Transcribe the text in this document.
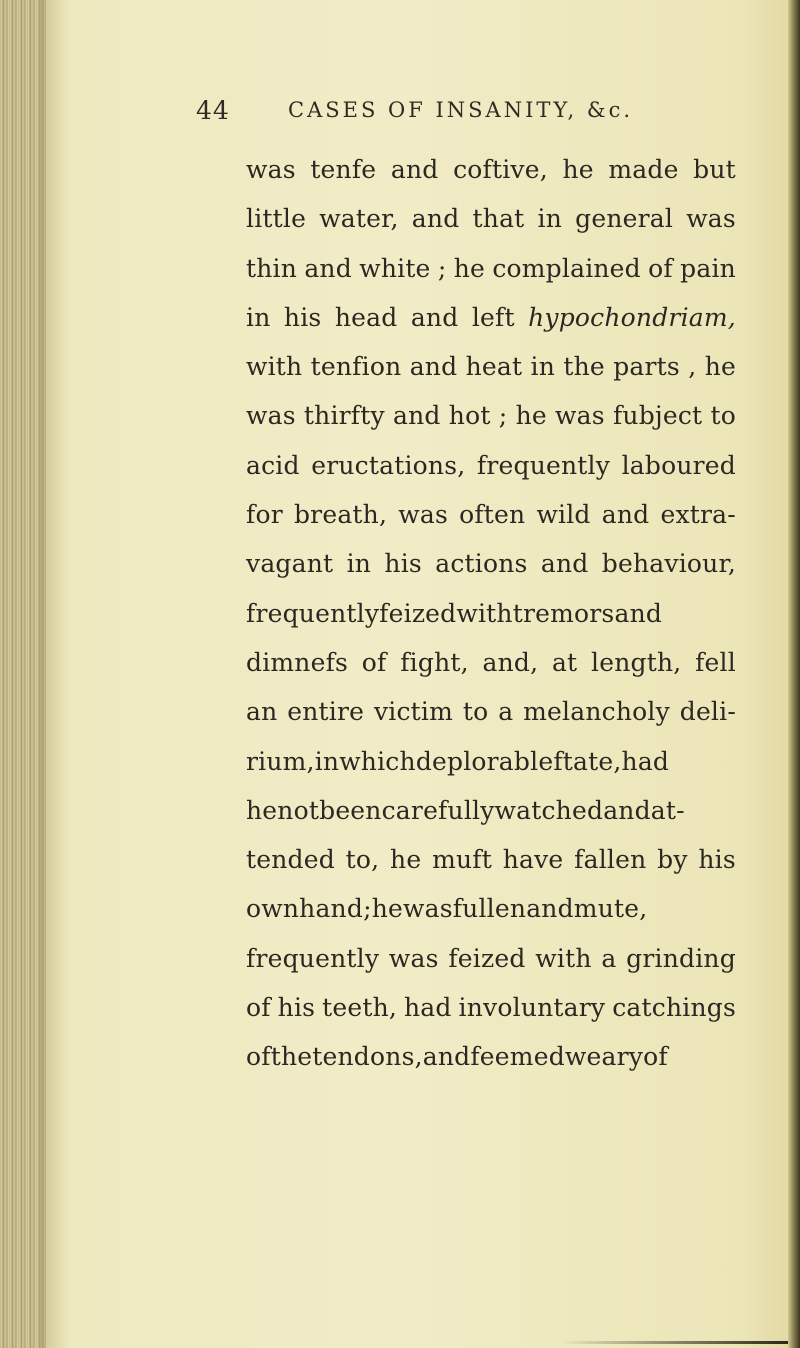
44	CASES OF INSANITY, &c.
was tenfe and coftive, he made but
little water, and that in general was
thin and white ; he complained of pain
in his head and left hypochondriam,
with tenfion and heat in the parts , he
was thirfty and hot ; he was fubject to
acid eructations, frequently laboured
for breath, was often wild and extra-
vagant in his actions and behaviour,
frequently feized with tremors and
dimnefs of fight, and, at length, fell
an entire victim to a melancholy deli-
rium, in which deplorable ftate, had
he not been carefully watched and at-
tended to, he muft have fallen by his
own hand ; he was fullen and mute,
frequently was feized with a grinding
of his teeth, had involuntary catchings
of the tendons, and feemed weary of
